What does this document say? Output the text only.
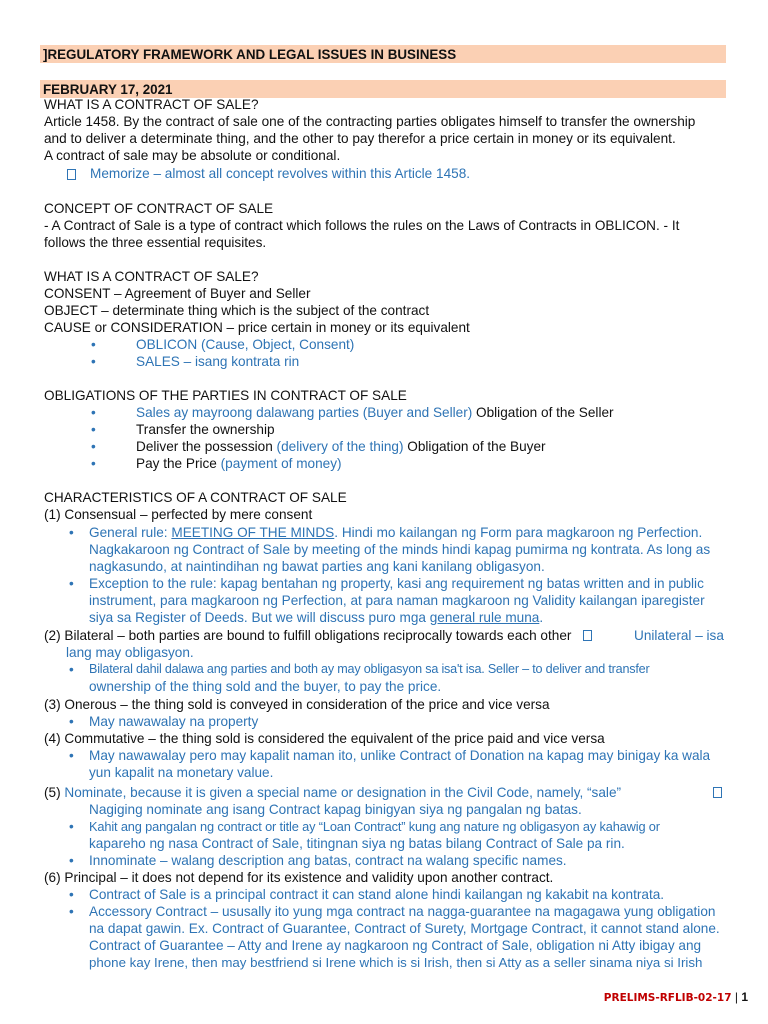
]REGULATORY FRAMEWORK AND LEGAL ISSUES IN BUSINESS
FEBRUARY 17, 2021
WHAT IS A CONTRACT OF SALE?
Article 1458. By the contract of sale one of the contracting parties obligates himself to transfer the ownership
and to deliver a determinate thing, and the other to pay therefor a price certain in money or its equivalent.
A contract of sale may be absolute or conditional.
Memorize – almost all concept revolves within this Article 1458.
CONCEPT OF CONTRACT OF SALE
- A Contract of Sale is a type of contract which follows the rules on the Laws of Contracts in OBLICON. - It
follows the three essential requisites.
WHAT IS A CONTRACT OF SALE?
CONSENT – Agreement of Buyer and Seller
OBJECT – determinate thing which is the subject of the contract
CAUSE or CONSIDERATION – price certain in money or its equivalent
•	OBLICON (Cause, Object, Consent)
•	SALES – isang kontrata rin
OBLIGATIONS OF THE PARTIES IN CONTRACT OF SALE
•	Sales ay mayroong dalawang parties (Buyer and Seller) Obligation of the Seller
•	Transfer the ownership
•	Deliver the possession (delivery of the thing) Obligation of the Buyer
•	Pay the Price (payment of money)
CHARACTERISTICS OF A CONTRACT OF SALE
(1) Consensual – perfected by mere consent
• General rule: MEETING OF THE MINDS. Hindi mo kailangan ng Form para magkaroon ng Perfection.
Nagkakaroon ng Contract of Sale by meeting of the minds hindi kapag pumirma ng kontrata. As long as
nagkasundo, at naintindihan ng bawat parties ang kani kanilang obligasyon.
• Exception to the rule: kapag bentahan ng property, kasi ang requirement ng batas written and in public
instrument, para magkaroon ng Perfection, at para naman magkaroon ng Validity kailangan iparegister
siya sa Register of Deeds. But we will discuss puro mga general rule muna.
(2) Bilateral – both parties are bound to fulfill obligations reciprocally towards each other	Unilateral – isa
lang may obligasyon.
• Bilateral dahil dalawa ang parties and both ay may obligasyon sa isa't isa. Seller – to deliver and transfer
ownership of the thing sold and the buyer, to pay the price.
(3) Onerous – the thing sold is conveyed in consideration of the price and vice versa
• May nawawalay na property
(4) Commutative – the thing sold is considered the equivalent of the price paid and vice versa
• May nawawalay pero may kapalit naman ito, unlike Contract of Donation na kapag may binigay ka wala
yun kapalit na monetary value.
(5) Nominate, because it is given a special name or designation in the Civil Code, namely, “sale”
Nagiging nominate ang isang Contract kapag binigyan siya ng pangalan ng batas.
• Kahit ang pangalan ng contract or title ay “Loan Contract” kung ang nature ng obligasyon ay kahawig or
kapareho ng nasa Contract of Sale, titingnan siya ng batas bilang Contract of Sale pa rin.
• Innominate – walang description ang batas, contract na walang specific names.
(6) Principal – it does not depend for its existence and validity upon another contract.
• Contract of Sale is a principal contract it can stand alone hindi kailangan ng kakabit na kontrata.
• Accessory Contract – ususally ito yung mga contract na nagga-guarantee na magagawa yung obligation
na dapat gawin. Ex. Contract of Guarantee, Contract of Surety, Mortgage Contract, it cannot stand alone.
Contract of Guarantee – Atty and Irene ay nagkaroon ng Contract of Sale, obligation ni Atty ibigay ang
phone kay Irene, then may bestfriend si Irene which is si Irish, then si Atty as a seller sinama niya si Irish
PRELIMS-RFLIB-02-17 | 1
